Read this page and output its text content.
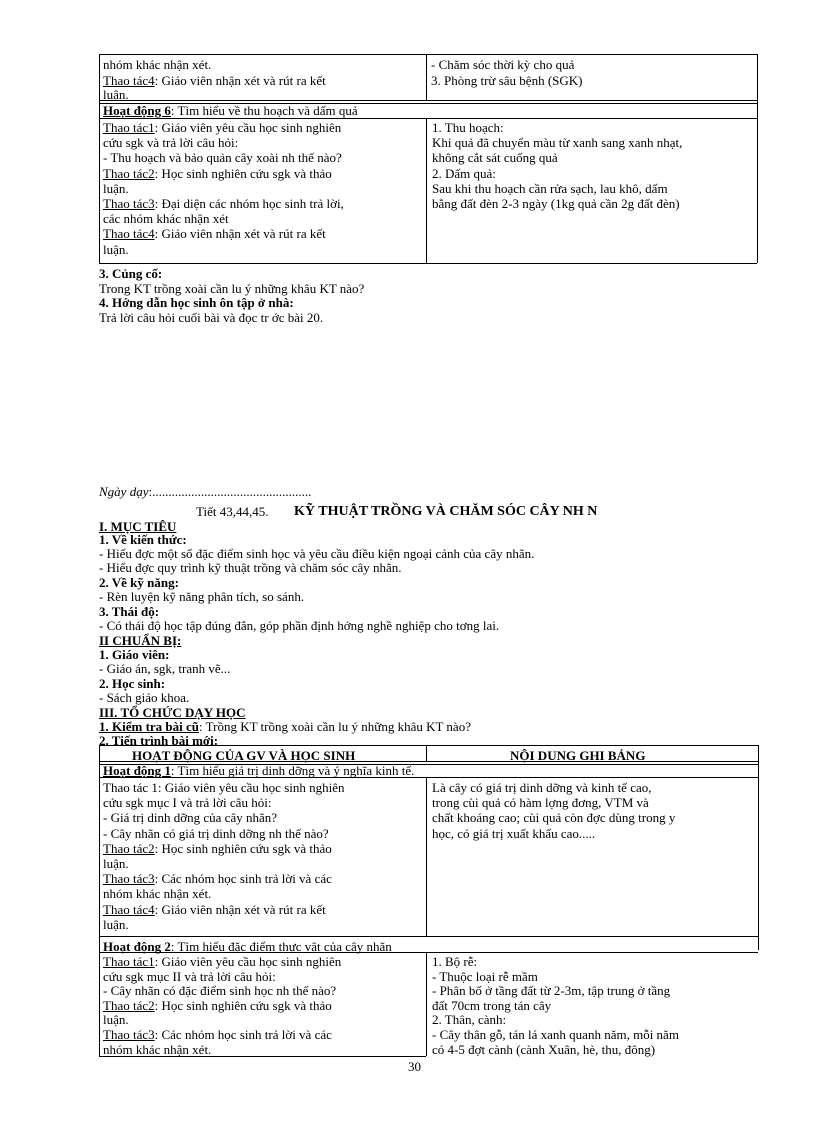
nhóm khác nhận xét.
Thao tác4: Giáo viên nhận xét và rút ra kết
luận.
- Chăm sóc thời kỳ cho quả
3. Phòng trừ sâu bệnh (SGK)
Hoạt động 6: Tìm hiểu về thu hoạch và dấm quả
Thao tác1: Giáo viên yêu cầu học sinh nghiên
cứu sgk và trả lời câu hỏi:
- Thu hoạch và bảo quản cây xoài nh thế nào?
Thao tác2: Học sinh nghiên cứu sgk và thảo
luận.
Thao tác3: Đại diện các nhóm học sinh trả lời,
các nhóm khác nhận xét
Thao tác4: Giáo viên nhận xét và rút ra kết
luận.
1. Thu hoạch:
Khi quả đã chuyển màu từ xanh sang xanh nhạt,
không cắt sát cuống quả
2. Dấm quả:
Sau khi thu hoạch cần rửa sạch, lau khô, dấm
bằng đất đèn 2-3 ngày (1kg quả cần 2g đất đèn)
3. Củng cố:
Trong KT trồng xoài cần lu ý những khâu KT nào?
4. Hớng dẫn học sinh ôn tập ở nhà:
Trả lời câu hỏi cuối bài và đọc tr ớc bài 20.
Ngày dạy:.................................................
Tiết 43,44,45. KỸ THUẬT TRỒNG VÀ CHĂM SÓC CÂY NH N
I. MỤC TIÊU
1. Về kiến thức:
- Hiểu đợc một số đặc điểm sinh học và yêu cầu điều kiện ngoại cảnh của cây nhãn.
- Hiểu đợc quy trình kỹ thuật trồng và chăm sóc cây nhãn.
2. Về kỹ năng:
- Rèn luyện kỹ năng phân tích, so sánh.
3. Thái độ:
- Có thái độ học tập đúng đắn, góp phần định hớng nghề nghiệp cho tơng lai.
II CHUẨN BỊ:
1. Giáo viên:
- Giáo án, sgk, tranh vẽ...
2. Học sinh:
- Sách giáo khoa.
III. TỔ CHỨC DẠY HỌC
1. Kiểm tra bài cũ: Trồng KT trồng xoài cần lu ý những khâu KT nào?
2. Tiến trình bài mới:
HOẠT ĐỘNG CỦA GV VÀ HỌC SINH	NỘI DUNG GHI BẢNG
Hoạt động 1: Tìm hiểu giá trị dinh dỡng và ý nghĩa kinh tế.
Thao tác 1: Giáo viên yêu cầu học sinh nghiên
cứu sgk mục I và trả lời câu hỏi:
- Giá trị dinh dỡng của cây nhãn?
- Cây nhãn có giá trị dinh dỡng nh thế nào?
Thao tác2: Học sinh nghiên cứu sgk và thảo
luận.
Thao tác3: Các nhóm học sinh trả lời và các
nhóm khác nhận xét.
Thao tác4: Giáo viên nhận xét và rút ra kết
luận.
Là cây có giá trị dinh dỡng và kinh tế cao,
trong cùi quả có hàm lợng đơng, VTM và
chất khoáng cao; cùi quả còn đợc dùng trong y
học, có giá trị xuất khẩu cao.....
Hoạt động 2: Tìm hiểu đặc điểm thực vật của cây nhãn
Thao tác1: Giáo viên yêu cầu học sinh nghiên
cứu sgk mục II và trả lời câu hỏi:
- Cây nhãn có đặc điểm sinh học nh thế nào?
Thao tác2: Học sinh nghiên cứu sgk và thảo
luận.
Thao tác3: Các nhóm học sinh trả lời và các
nhóm khác nhận xét.
1. Bộ rễ:
- Thuộc loại rễ mầm
- Phân bố ở tầng đất từ 2-3m, tập trung ở tầng
đất 70cm trong tán cây
2. Thân, cành:
- Cây thân gỗ, tán lá xanh quanh năm, mỗi năm
có 4-5 đợt cành (cành Xuân, hè, thu, đông)
30
